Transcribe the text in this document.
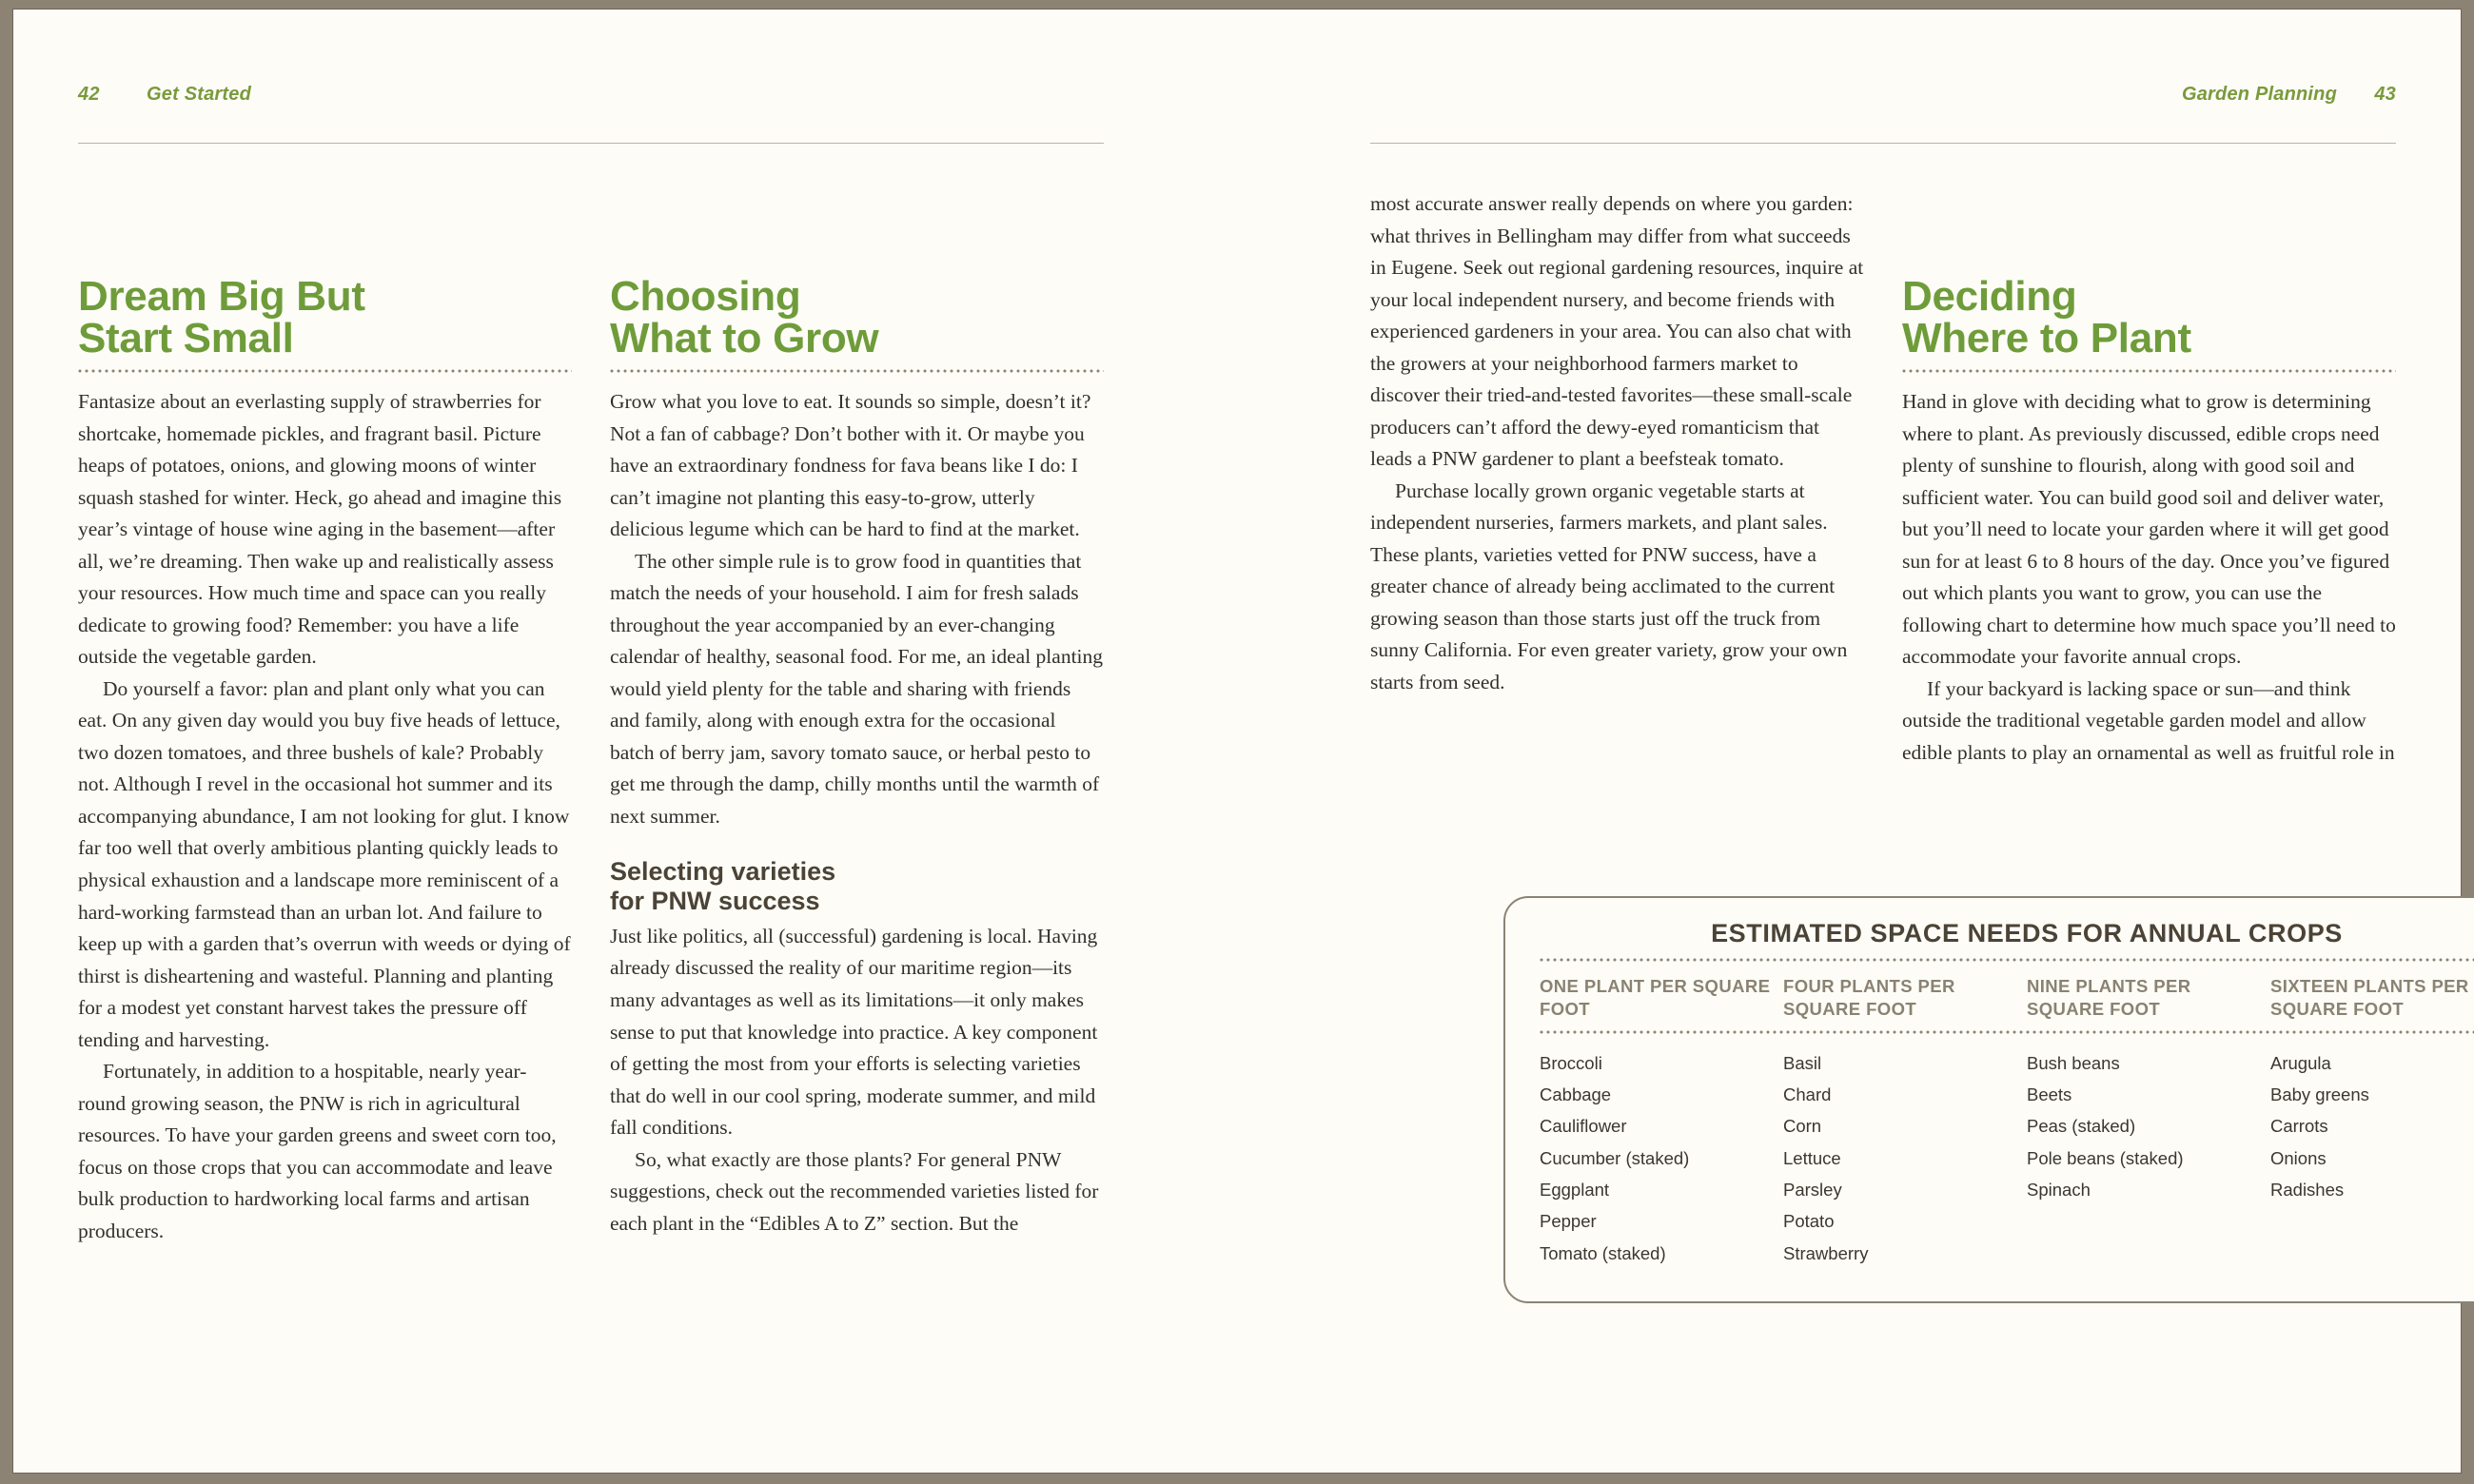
42 Get Started
Dream Big But
Start Small

Fantasize about an everlasting supply of strawberries for shortcake, homemade pickles, and fragrant basil. Picture heaps of potatoes, onions, and glowing moons of winter squash stashed for winter. Heck, go ahead and imagine this year’s vintage of house wine aging in the basement—after all, we’re dreaming. Then wake up and realistically assess your resources. How much time and space can you really dedicate to growing food? Remember: you have a life outside the vegetable garden.

Do yourself a favor: plan and plant only what you can eat. On any given day would you buy five heads of lettuce, two dozen tomatoes, and three bushels of kale? Probably not. Although I revel in the occasional hot summer and its accompanying abundance, I am not looking for glut. I know far too well that overly ambitious planting quickly leads to physical exhaustion and a landscape more reminiscent of a hard-working farmstead than an urban lot. And failure to keep up with a garden that’s overrun with weeds or dying of thirst is disheartening and wasteful. Planning and planting for a modest yet constant harvest takes the pressure off tending and harvesting.

Fortunately, in addition to a hospitable, nearly year-round growing season, the PNW is rich in agricultural resources. To have your garden greens and sweet corn too, focus on those crops that you can accommodate and leave bulk production to hardworking local farms and artisan producers.

Choosing
What to Grow

Grow what you love to eat. It sounds so simple, doesn’t it? Not a fan of cabbage? Don’t bother with it. Or maybe you have an extraordinary fondness for fava beans like I do: I can’t imagine not planting this easy-to-grow, utterly delicious legume which can be hard to find at the market.

The other simple rule is to grow food in quantities that match the needs of your household. I aim for fresh salads throughout the year accompanied by an ever-changing calendar of healthy, seasonal food. For me, an ideal planting would yield plenty for the table and sharing with friends and family, along with enough extra for the occasional batch of berry jam, savory tomato sauce, or herbal pesto to get me through the damp, chilly months until the warmth of next summer.

Selecting varieties
for PNW success

Just like politics, all (successful) gardening is local. Having already discussed the reality of our maritime region—its many advantages as well as its limitations—it only makes sense to put that knowledge into practice. A key component of getting the most from your efforts is selecting varieties that do well in our cool spring, moderate summer, and mild fall conditions.

So, what exactly are those plants? For general PNW suggestions, check out the recommended varieties listed for each plant in the “Edibles A to Z” section. But the

Garden Planning 43

most accurate answer really depends on where you garden: what thrives in Bellingham may differ from what succeeds in Eugene. Seek out regional gardening resources, inquire at your local independent nursery, and become friends with experienced gardeners in your area. You can also chat with the growers at your neighborhood farmers market to discover their tried-and-tested favorites—these small-scale producers can’t afford the dewy-eyed romanticism that leads a PNW gardener to plant a beefsteak tomato.

Purchase locally grown organic vegetable starts at independent nurseries, farmers markets, and plant sales. These plants, varieties vetted for PNW success, have a greater chance of already being acclimated to the current growing season than those starts just off the truck from sunny California. For even greater variety, grow your own starts from seed.

Deciding
Where to Plant

Hand in glove with deciding what to grow is determining where to plant. As previously discussed, edible crops need plenty of sunshine to flourish, along with good soil and sufficient water. You can build good soil and deliver water, but you’ll need to locate your garden where it will get good sun for at least 6 to 8 hours of the day. Once you’ve figured out which plants you want to grow, you can use the following chart to determine how much space you’ll need to accommodate your favorite annual crops.

If your backyard is lacking space or sun—and think outside the traditional vegetable garden model and allow edible plants to play an ornamental as well as fruitful role in

ESTIMATED SPACE NEEDS FOR ANNUAL CROPS
ONE PLANT PER SQUARE FOOT
FOUR PLANTS PER SQUARE FOOT
NINE PLANTS PER SQUARE FOOT
SIXTEEN PLANTS PER SQUARE FOOT
Broccoli
Cabbage
Cauliflower
Cucumber (staked)
Eggplant
Pepper
Tomato (staked)
Basil
Chard
Corn
Lettuce
Parsley
Potato
Strawberry
Bush beans
Beets
Peas (staked)
Pole beans (staked)
Spinach
Arugula
Baby greens
Carrots
Onions
Radishes
